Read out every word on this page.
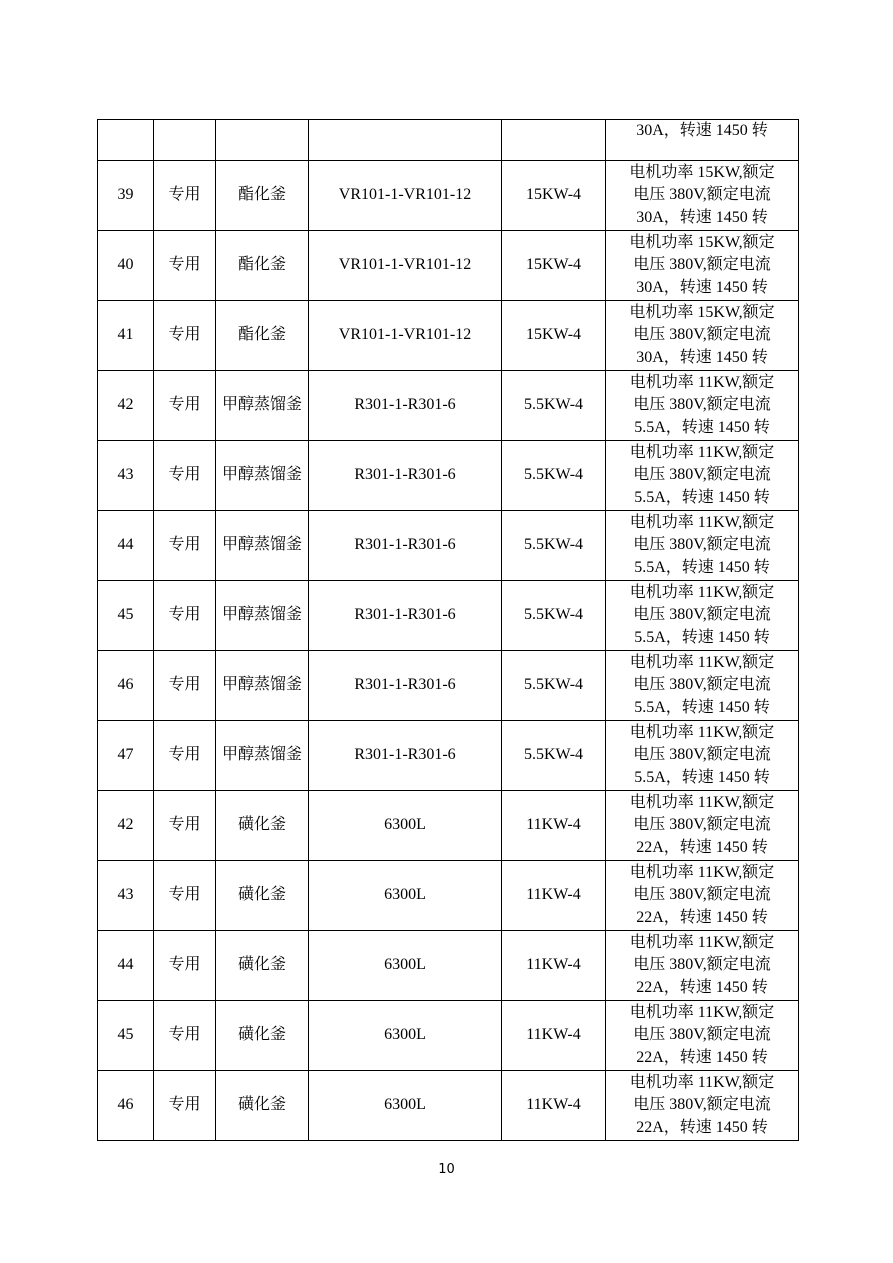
					30A，转速 1450 转

39	专用	酯化釜	VR101-1-VR101-12	15KW-4	电机功率 15KW,额定
电压 380V,额定电流
30A，转速 1450 转

40	专用	酯化釜	VR101-1-VR101-12	15KW-4	电机功率 15KW,额定
电压 380V,额定电流
30A，转速 1450 转

41	专用	酯化釜	VR101-1-VR101-12	15KW-4	电机功率 15KW,额定
电压 380V,额定电流
30A，转速 1450 转

42	专用	甲醇蒸馏釜	R301-1-R301-6	5.5KW-4	电机功率 11KW,额定
电压 380V,额定电流
5.5A，转速 1450 转

43	专用	甲醇蒸馏釜	R301-1-R301-6	5.5KW-4	电机功率 11KW,额定
电压 380V,额定电流
5.5A，转速 1450 转

44	专用	甲醇蒸馏釜	R301-1-R301-6	5.5KW-4	电机功率 11KW,额定
电压 380V,额定电流
5.5A，转速 1450 转

45	专用	甲醇蒸馏釜	R301-1-R301-6	5.5KW-4	电机功率 11KW,额定
电压 380V,额定电流
5.5A，转速 1450 转

46	专用	甲醇蒸馏釜	R301-1-R301-6	5.5KW-4	电机功率 11KW,额定
电压 380V,额定电流
5.5A，转速 1450 转

47	专用	甲醇蒸馏釜	R301-1-R301-6	5.5KW-4	电机功率 11KW,额定
电压 380V,额定电流
5.5A，转速 1450 转

42	专用	磺化釜	6300L	11KW-4	电机功率 11KW,额定
电压 380V,额定电流
22A，转速 1450 转

43	专用	磺化釜	6300L	11KW-4	电机功率 11KW,额定
电压 380V,额定电流
22A，转速 1450 转

44	专用	磺化釜	6300L	11KW-4	电机功率 11KW,额定
电压 380V,额定电流
22A，转速 1450 转

45	专用	磺化釜	6300L	11KW-4	电机功率 11KW,额定
电压 380V,额定电流
22A，转速 1450 转

46	专用	磺化釜	6300L	11KW-4	电机功率 11KW,额定
电压 380V,额定电流
22A，转速 1450 转
10
